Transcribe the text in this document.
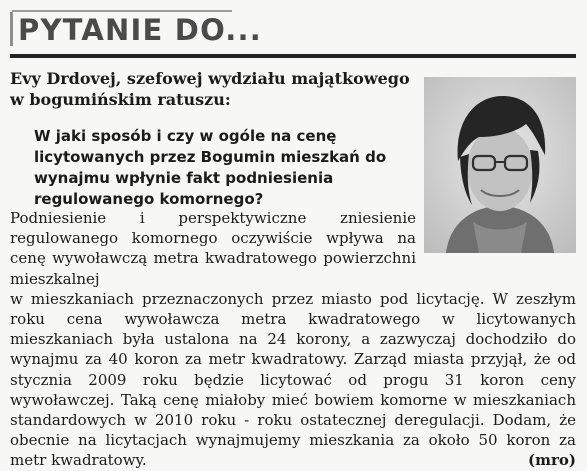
PYTANIE DO...
Evy Drdovej, szefowej wydziału majątkowego w bogumińskim ratuszu:
W jaki sposób i czy w ogóle na cenę licytowanych przez Bogumin mieszkań do wynajmu wpłynie fakt podniesienia regulowanego komornego?

Podniesienie i perspektywiczne zniesienie regulowanego komornego oczywiście wpływa na cenę wywoławczą metra kwadratowego powierzchni mieszkalnej

w mieszkaniach przeznaczonych przez miasto pod licytację. W zeszłym roku cena wywoławcza metra kwadratowego w licytowanych mieszkaniach była ustalona na 24 korony, a zazwyczaj dochodziło do wynajmu za 40 koron za metr kwadratowy. Zarząd miasta przyjął, że od stycznia 2009 roku będzie licytować od progu 31 koron ceny wywoławczej. Taką cenę miałoby mieć bowiem komorne w mieszkaniach standardowych w 2010 roku - roku ostatecznej deregulacji. Dodam, że obecnie na licytacjach wynajmujemy mieszkania za około 50 koron za metr kwadratowy.	(mro)
